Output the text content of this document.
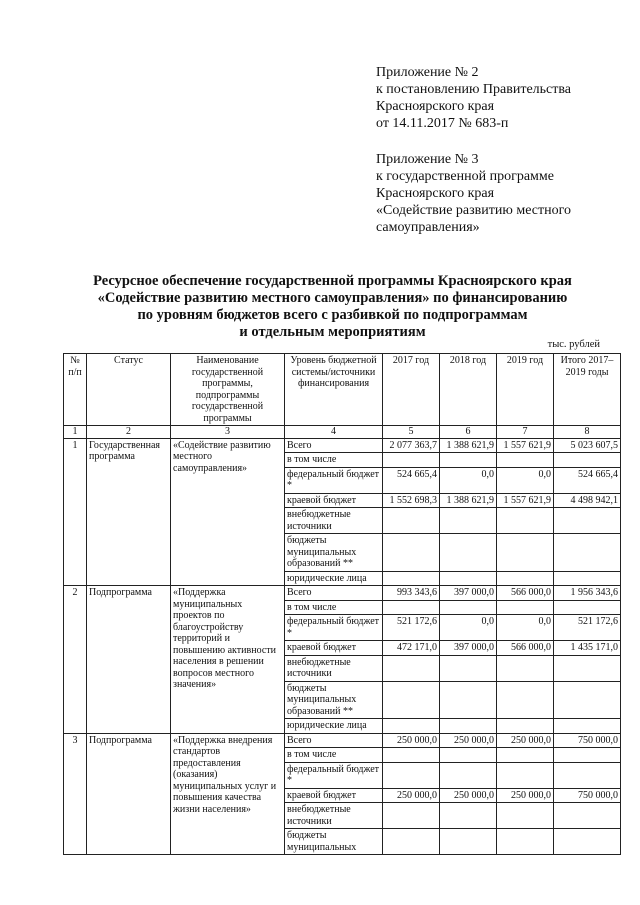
Приложение № 2
к постановлению Правительства
Красноярского края
от 14.11.2017 № 683-п
Приложение № 3
к государственной программе
Красноярского края
«Содействие развитию местного
самоуправления»
Ресурсное обеспечение государственной программы Красноярского края
«Содействие развитию местного самоуправления» по финансированию
по уровням бюджетов всего с разбивкой по подпрограммам
и отдельным мероприятиям
тыс. рублей
№ п/п	Статус	Наименование государственной программы, подпрограммы государственной программы	Уровень бюджетной системы/источники финансирования	2017 год	2018 год	2019 год	Итого 2017–2019 годы
1	2	3	4	5	6	7	8
1	Государственная программа	«Содействие развитию местного самоуправления»	Всего	2 077 363,7	1 388 621,9	1 557 621,9	5 023 607,5
			в том числе				
			федеральный бюджет *	524 665,4	0,0	0,0	524 665,4
			краевой бюджет	1 552 698,3	1 388 621,9	1 557 621,9	4 498 942,1
			внебюджетные источники				
			бюджеты муниципальных образований **				
			юридические лица				
2	Подпрограмма	«Поддержка муниципальных проектов по благоустройству территорий и повышению активности населения в решении вопросов местного значения»	Всего	993 343,6	397 000,0	566 000,0	1 956 343,6
			в том числе				
			федеральный бюджет *	521 172,6	0,0	0,0	521 172,6
			краевой бюджет	472 171,0	397 000,0	566 000,0	1 435 171,0
			внебюджетные источники				
			бюджеты муниципальных образований **				
			юридические лица				
3	Подпрограмма	«Поддержка внедрения стандартов предоставления (оказания) муниципальных услуг и повышения качества жизни населения»	Всего	250 000,0	250 000,0	250 000,0	750 000,0
			в том числе				
			федеральный бюджет *				
			краевой бюджет	250 000,0	250 000,0	250 000,0	750 000,0
			внебюджетные источники				
			бюджеты муниципальных				
